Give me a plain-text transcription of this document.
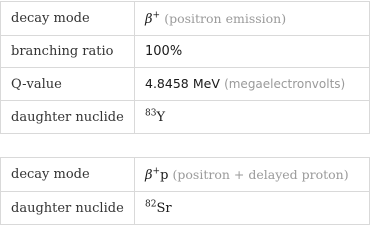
decay mode	β+ (positron emission)
branching ratio	100%
Q-value	4.8458 MeV (megaelectronvolts)
daughter nuclide	$^{83}$Y
decay mode	β+p (positron + delayed proton)
daughter nuclide	$^{82}$Sr
